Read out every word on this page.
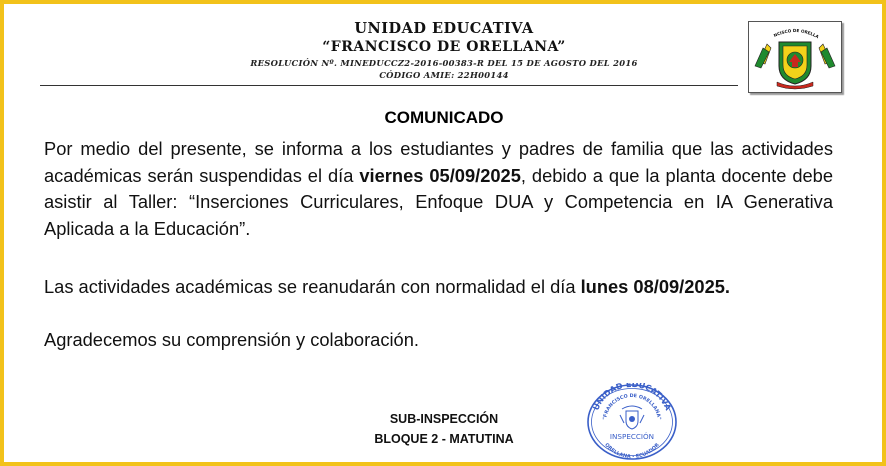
UNIDAD EDUCATIVA
“FRANCISCO DE ORELLANA”
RESOLUCIÓN Nº. MINEDUCCZ2-2016-00383-R DEL 15 DE AGOSTO DEL 2016
CÓDIGO AMIE: 22H00144
NCISCO DE ORELLA
COMUNICADO
Por medio del presente, se informa a los estudiantes y padres de familia que las actividades académicas serán suspendidas el día viernes 05/09/2025, debido a que la planta docente debe asistir al Taller: “Inserciones Curriculares, Enfoque DUA y Competencia en IA Generativa Aplicada a la Educación”.
Las actividades académicas se reanudarán con normalidad el día lunes 08/09/2025.
Agradecemos su comprensión y colaboración.
SUB-INSPECCIÓN
BLOQUE 2 - MATUTINA
UNIDAD EDUCATIVA
"FRANCISCO DE ORELLANA"
INSPECCIÓN
ORELLANA - ECUADOR
